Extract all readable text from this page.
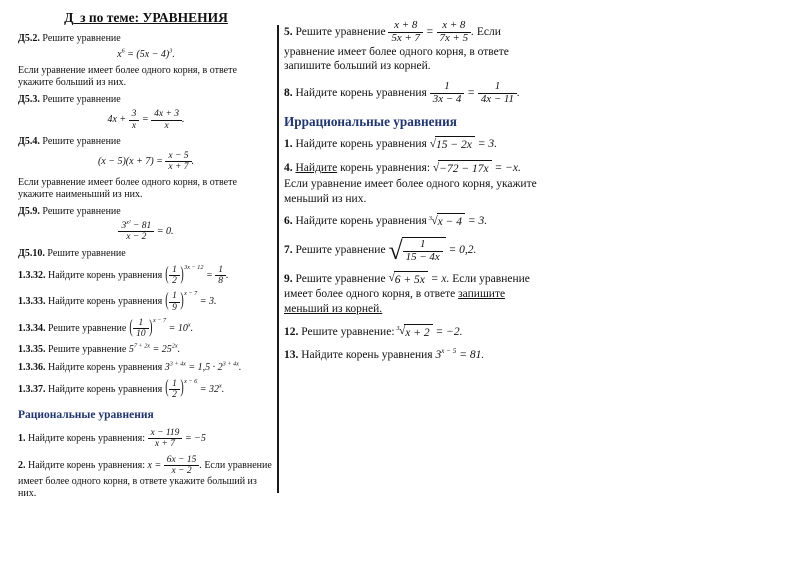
Д_з по теме: УРАВНЕНИЯ
Д5.2. Решите уравнение
$x^6 = (5x - 4)^3$.
Если уравнение имеет более одного корня, в ответе укажите больший из них.
Д5.3. Решите уравнение
$4x + \frac{3}{x} = \frac{4x + 3}{x}$ .
Д5.4. Решите уравнение
$(x - 5)(x + 7) = \frac{x - 5}{x + 7}$ .
Если уравнение имеет более одного корня, в ответе укажите наименьший из них.
Д5.9. Решите уравнение
$\frac{3^{x^2} - 81}{x - 2} = 0$.
Д5.10. Решите уравнение
1.3.32. Найдите корень уравнения ( $\frac{1}{2} )^{3x - 12} = \frac{1}{8}$ .
1.3.33. Найдите корень уравнения ( $\frac{1}{9} )^{x - 7} = 3$.
1.3.34. Решите уравнение ( $\frac{1}{10} )^{x - 7} = 10^x$.
1.3.35. Решите уравнение $5^{7 + 2x} = 25^{2x}$.
1.3.36. Найдите корень уравнения $3^{3 + 4x} = 1,5 \cdot 2^{3 + 4x}$.
1.3.37. Найдите корень уравнения ( $\frac{1}{2} )^{x - 6} = 32^x$.
Рациональные уравнения
1. Найдите корень уравнения: $\frac{x - 119}{x + 7} = -5$
2. Найдите корень уравнения: $x = \frac{6x - 15}{x - 2}$ . Если уравнение имеет более одного корня, в ответе укажите больший из них.
5. Решите уравнение $\frac{x + 8}{5x + 7} = \frac{x + 8}{7x + 5}$ . Если уравнение имеет более одного корня, в ответе запишите больший из корней.
8. Найдите корень уравнения $\frac{1}{3x - 4} = \frac{1}{4x - 11}$ .
Иррациональные уравнения
1. Найдите корень уравнения √15 − 2x = 3.
4. Найдите корень уравнения: √−72 − 17x = −x. Если уравнение имеет более одного корня, укажите меньший из них.
6. Найдите корень уравнения $^3$√x − 4 = 3.
7. Решите уравнение √ $\frac{1}{15 - 4x} = 0,2$.
9. Решите уравнение √6 + 5x = x. Если уравнение имеет более одного корня, в ответе запишите меньший из корней.
12. Решите уравнение: $^3$√x + 2 = −2.
13. Найдите корень уравнения $3^{x - 5} = 81$.
